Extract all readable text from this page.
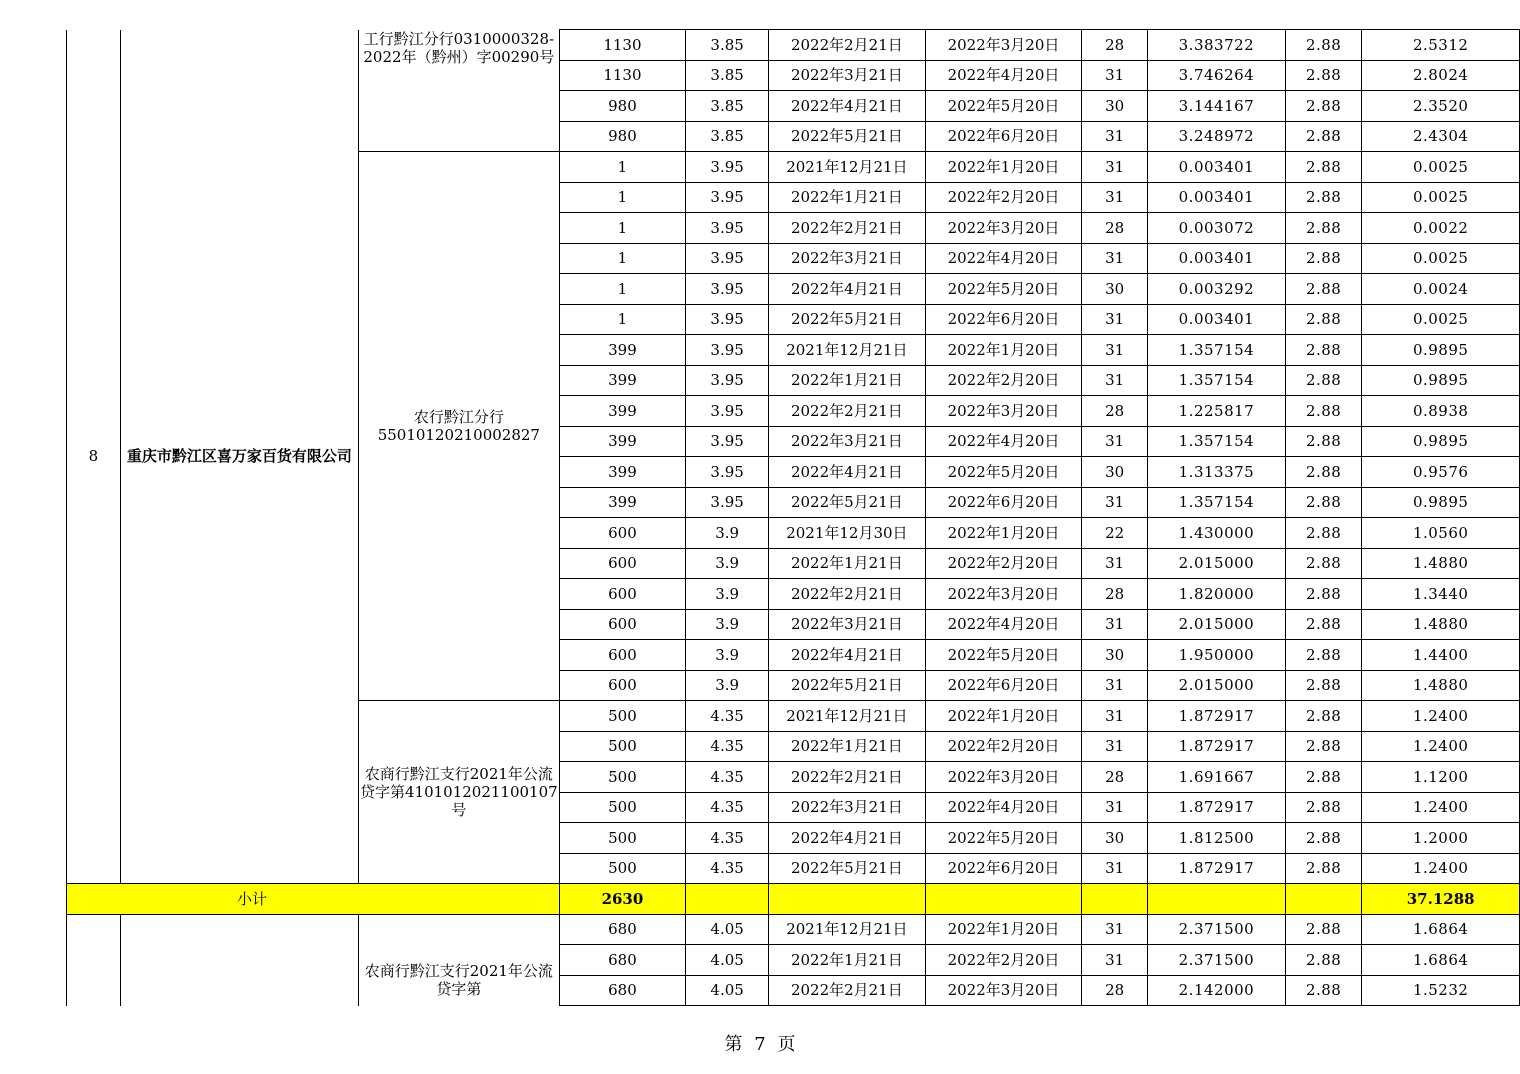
8	重庆市黔江区喜万家百货有限公司	工行黔江分行0310000328-2022年（黔州）字00290号	1130	3.85	2022年2月21日	2022年3月20日	28	3.383722	2.88	2.5312
			1130	3.85	2022年3月21日	2022年4月20日	31	3.746264	2.88	2.8024
			980	3.85	2022年4月21日	2022年5月20日	30	3.144167	2.88	2.3520
			980	3.85	2022年5月21日	2022年6月20日	31	3.248972	2.88	2.4304
		农行黔江分行55010120210002827	1	3.95	2021年12月21日	2022年1月20日	31	0.003401	2.88	0.0025
			1	3.95	2022年1月21日	2022年2月20日	31	0.003401	2.88	0.0025
			1	3.95	2022年2月21日	2022年3月20日	28	0.003072	2.88	0.0022
			1	3.95	2022年3月21日	2022年4月20日	31	0.003401	2.88	0.0025
			1	3.95	2022年4月21日	2022年5月20日	30	0.003292	2.88	0.0024
			1	3.95	2022年5月21日	2022年6月20日	31	0.003401	2.88	0.0025
			399	3.95	2021年12月21日	2022年1月20日	31	1.357154	2.88	0.9895
			399	3.95	2022年1月21日	2022年2月20日	31	1.357154	2.88	0.9895
			399	3.95	2022年2月21日	2022年3月20日	28	1.225817	2.88	0.8938
			399	3.95	2022年3月21日	2022年4月20日	31	1.357154	2.88	0.9895
			399	3.95	2022年4月21日	2022年5月20日	30	1.313375	2.88	0.9576
			399	3.95	2022年5月21日	2022年6月20日	31	1.357154	2.88	0.9895
			600	3.9	2021年12月30日	2022年1月20日	22	1.430000	2.88	1.0560
			600	3.9	2022年1月21日	2022年2月20日	31	2.015000	2.88	1.4880
			600	3.9	2022年2月21日	2022年3月20日	28	1.820000	2.88	1.3440
			600	3.9	2022年3月21日	2022年4月20日	31	2.015000	2.88	1.4880
			600	3.9	2022年4月21日	2022年5月20日	30	1.950000	2.88	1.4400
			600	3.9	2022年5月21日	2022年6月20日	31	2.015000	2.88	1.4880
		农商行黔江支行2021年公流贷字第4101012021100107号	500	4.35	2021年12月21日	2022年1月20日	31	1.872917	2.88	1.2400
			500	4.35	2022年1月21日	2022年2月20日	31	1.872917	2.88	1.2400
			500	4.35	2022年2月21日	2022年3月20日	28	1.691667	2.88	1.1200
			500	4.35	2022年3月21日	2022年4月20日	31	1.872917	2.88	1.2400
			500	4.35	2022年4月21日	2022年5月20日	30	1.812500	2.88	1.2000
			500	4.35	2022年5月21日	2022年6月20日	31	1.872917	2.88	1.2400
小计			2630							37.1288
		农商行黔江支行2021年公流贷字第	680	4.05	2021年12月21日	2022年1月20日	31	2.371500	2.88	1.6864
			680	4.05	2022年1月21日	2022年2月20日	31	2.371500	2.88	1.6864
			680	4.05	2022年2月21日	2022年3月20日	28	2.142000	2.88	1.5232
第 7 页
